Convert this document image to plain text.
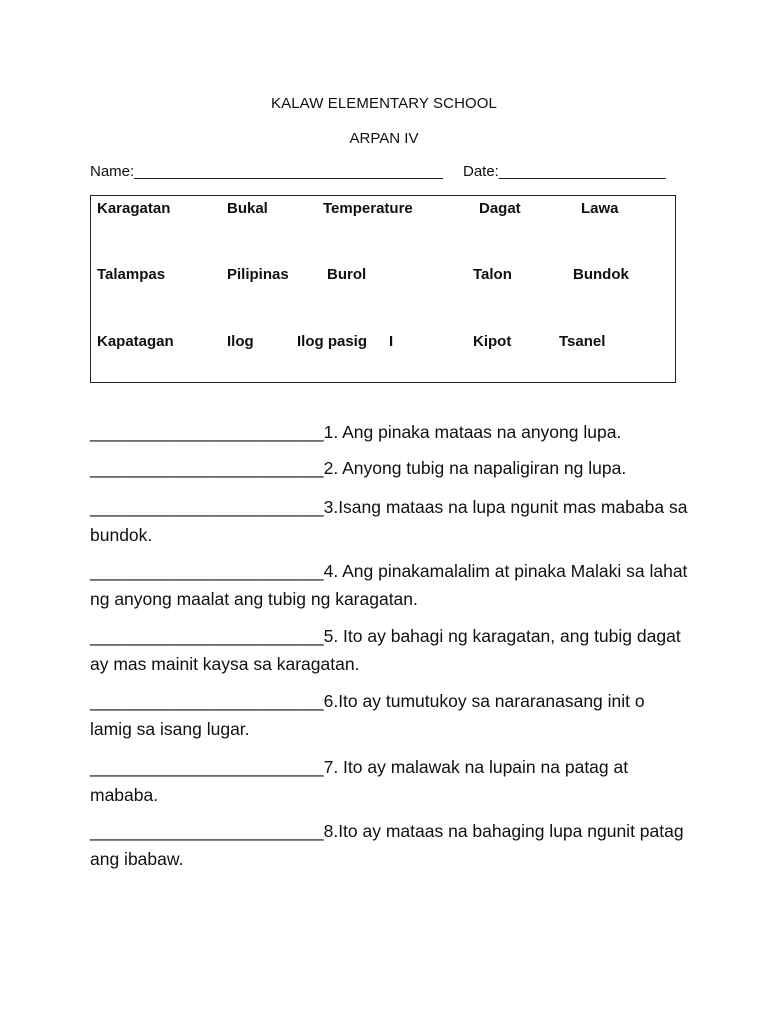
KALAW ELEMENTARY SCHOOL
ARPAN IV
Name:_____________________________________ Date:____________________
Karagatan	Bukal	Temperature	Dagat	Lawa
Talampas	Pilipinas	Burol	Talon	Bundok
Kapatagan	Ilog	Ilog pasig I	Kipot	Tsanel
________________________1. Ang pinaka mataas na anyong lupa.
________________________2. Anyong tubig na napaligiran ng lupa.
________________________3.Isang mataas na lupa ngunit mas mababa sa bundok.
________________________4. Ang pinakamalalim at pinaka Malaki sa lahat ng anyong maalat ang tubig ng karagatan.
________________________5. Ito ay bahagi ng karagatan, ang tubig dagat ay mas mainit kaysa sa karagatan.
________________________6.Ito ay tumutukoy sa nararanasang init o lamig sa isang lugar.
________________________7. Ito ay malawak na lupain na patag at mababa.
________________________8.Ito ay mataas na bahaging lupa ngunit patag ang ibabaw.
